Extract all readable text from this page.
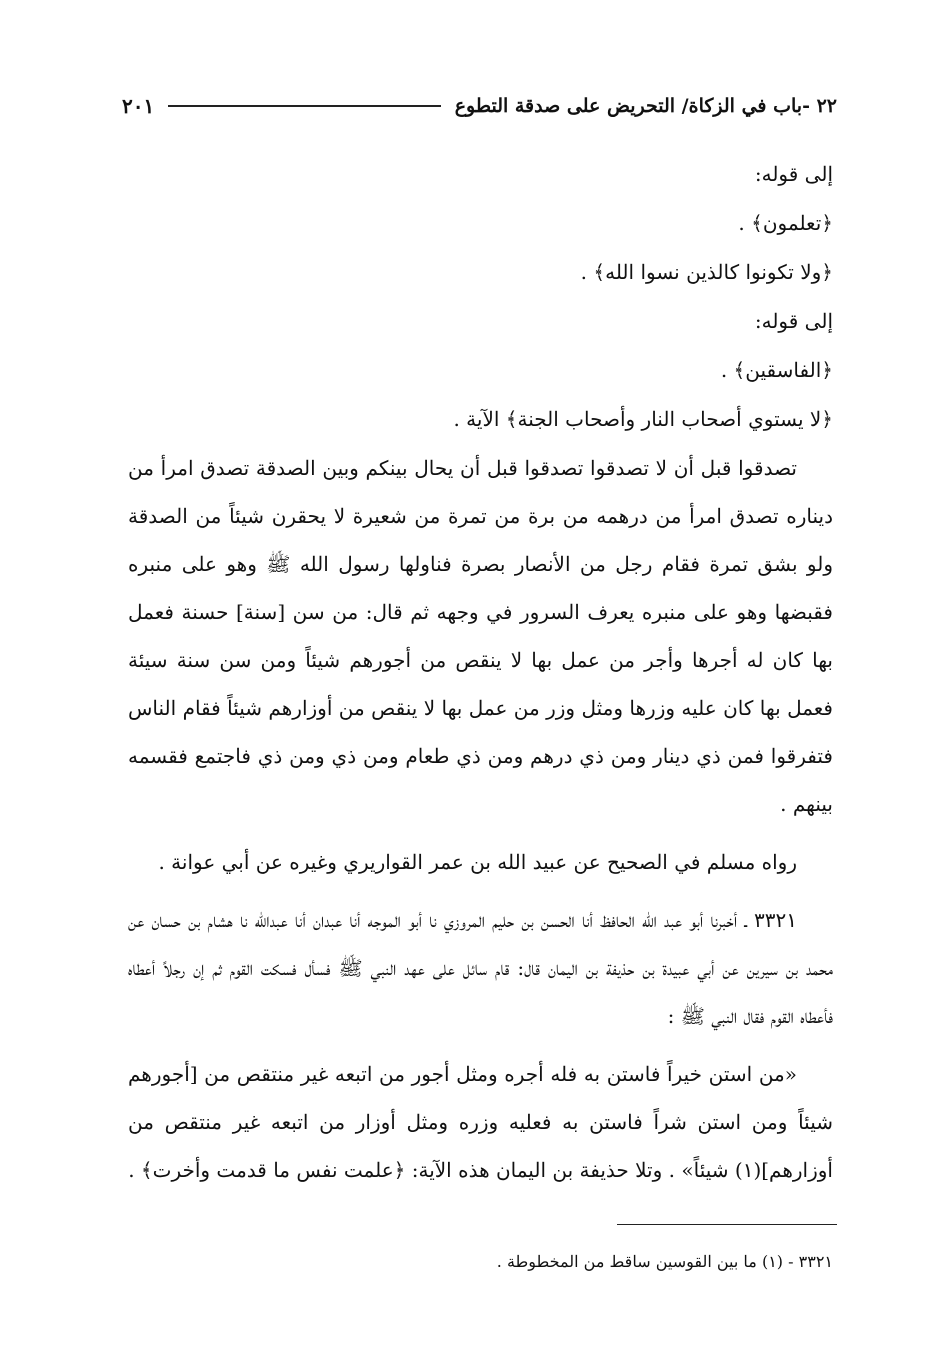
٢٢ -باب في الزكاة/ التحريض على صدقة التطوع
٢٠١

إلى قوله:

﴿تعلمون﴾ .

﴿ولا تكونوا كالذين نسوا الله﴾ .

إلى قوله:

﴿الفاسقين﴾ .

﴿لا يستوي أصحاب النار وأصحاب الجنة﴾ الآية .

تصدقوا قبل أن لا تصدقوا تصدقوا قبل أن يحال بينكم وبين الصدقة تصدق امرأ من ديناره تصدق امرأ من درهمه من برة من تمرة من شعيرة لا يحقرن شيئاً من الصدقة ولو بشق تمرة فقام رجل من الأنصار بصرة فناولها رسول الله ﷺ وهو على منبره فقبضها وهو على منبره يعرف السرور في وجهه ثم قال: من سن [سنة] حسنة فعمل بها كان له أجرها وأجر من عمل بها لا ينقص من أجورهم شيئاً ومن سن سنة سيئة فعمل بها كان عليه وزرها ومثل وزر من عمل بها لا ينقص من أوزارهم شيئاً فقام الناس فتفرقوا فمن ذي دينار ومن ذي درهم ومن ذي طعام ومن ذي ومن ذي فاجتمع فقسمه بينهم .

رواه مسلم في الصحيح عن عبيد الله بن عمر القواريري وغيره عن أبي عوانة .

٣٣٢١ ـ أخبرنا أبو عبد الله الحافظ أنا الحسن بن حليم المروزي نا أبو الموجه أنا عبدان أنا عبدالله نا هشام بن حسان عن محمد بن سيرين عن أبي عبيدة بن حذيفة بن اليمان قال: قام سائل على عهد النبي ﷺ فسأل فسكت القوم ثم إن رجلاً أعطاه فأعطاه القوم فقال النبي ﷺ :

«من استن خيراً فاستن به فله أجره ومثل أجور من اتبعه غير منتقص من [أجورهم شيئاً ومن استن شراً فاستن به فعليه وزره ومثل أوزار من اتبعه غير منتقص من أوزارهم](١) شيئاً» . وتلا حذيفة بن اليمان هذه الآية: ﴿علمت نفس ما قدمت وأخرت﴾ .

٣٣٢١ - (١) ما بين القوسين ساقط من المخطوطة .
